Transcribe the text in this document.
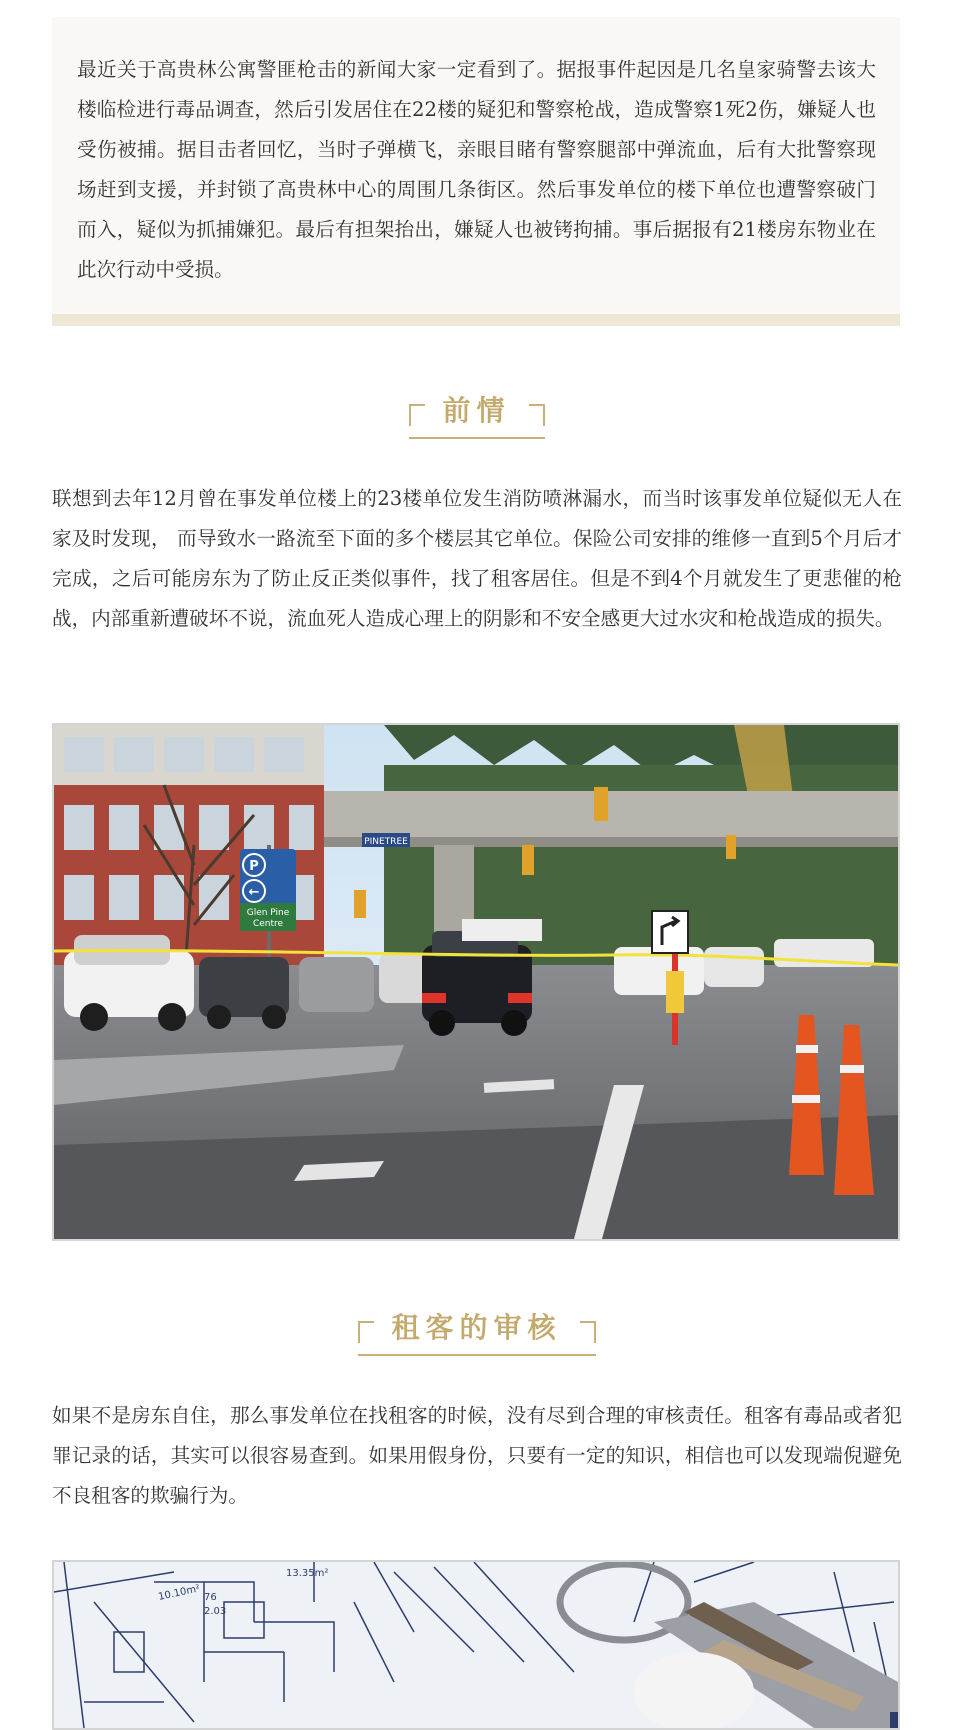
最近关于高贵林公寓警匪枪击的新闻大家一定看到了。据报事件起因是几名皇家骑警去该大楼临检进行毒品调查，然后引发居住在22楼的疑犯和警察枪战，造成警察1死2伤，嫌疑人也受伤被捕。据目击者回忆，当时子弹横飞，亲眼目睹有警察腿部中弹流血，后有大批警察现场赶到支援，并封锁了高贵林中心的周围几条街区。然后事发单位的楼下单位也遭警察破门而入，疑似为抓捕嫌犯。最后有担架抬出，嫌疑人也被铐拘捕。事后据报有21楼房东物业在此次行动中受损。

前情

联想到去年12月曾在事发单位楼上的23楼单位发生消防喷淋漏水，而当时该事发单位疑似无人在家及时发现， 而导致水一路流至下面的多个楼层其它单位。保险公司安排的维修一直到5个月后才完成，之后可能房东为了防止反正类似事件，找了租客居住。但是不到4个月就发生了更悲催的枪战，内部重新遭破坏不说，流血死人造成心理上的阴影和不安全感更大过水灾和枪战造成的损失。

PINETREE
P
←
Glen Pine
Centre
租客的审核

如果不是房东自住，那么事发单位在找租客的时候，没有尽到合理的审核责任。租客有毒品或者犯罪记录的话，其实可以很容易查到。如果用假身份，只要有一定的知识，相信也可以发现端倪避免不良租客的欺骗行为。

10.10m²
13.35m²
76
2.03
